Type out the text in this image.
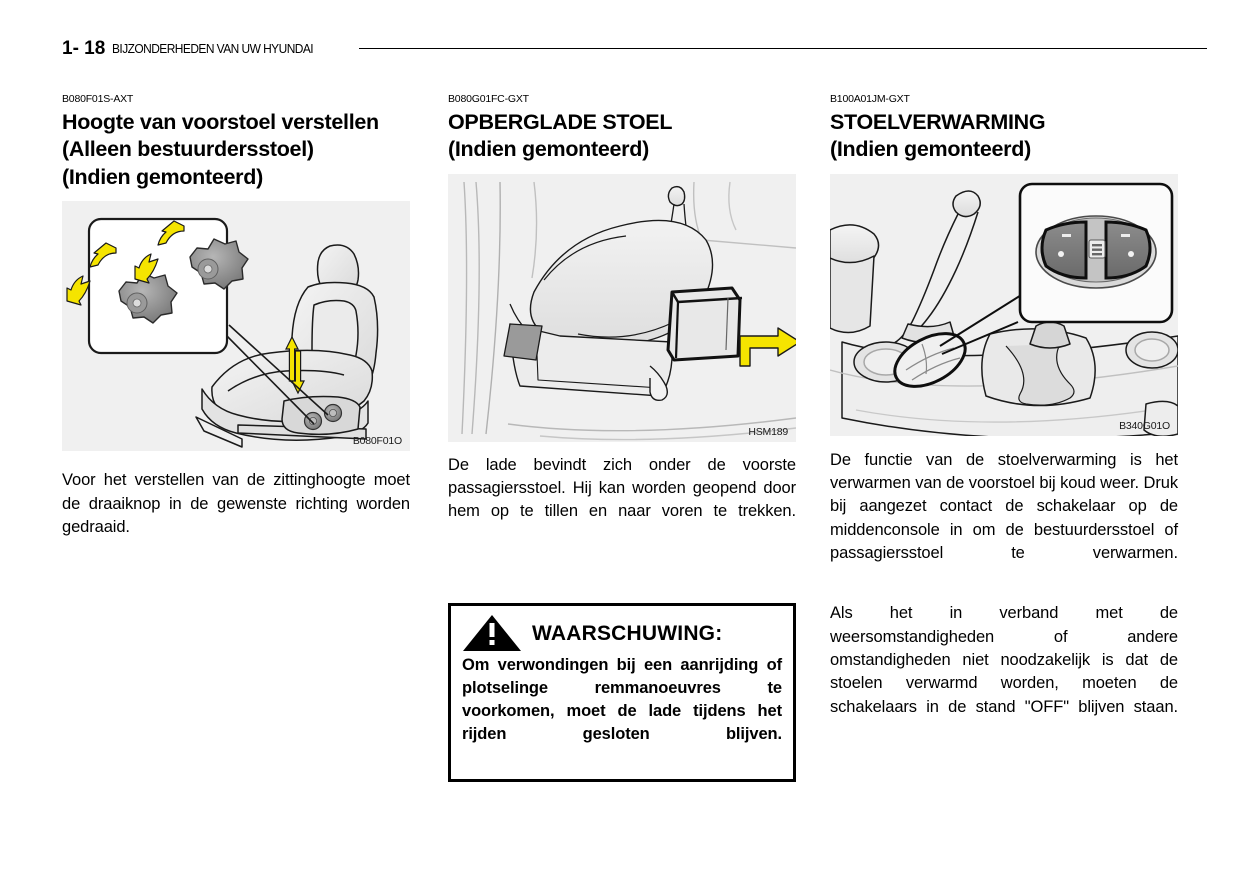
1- 18 BIJZONDERHEDEN VAN UW HYUNDAI

B080F01S-AXT

Hoogte van voorstoel verstellen
(Alleen bestuurdersstoel)
(Indien gemonteerd)
B080F01O

Voor het verstellen van de zittinghoogte moet de draaiknop in de gewenste richting worden gedraaid.

B080G01FC-GXT

OPBERGLADE STOEL
(Indien gemonteerd)
HSM189

De lade bevindt zich onder de voorste passagiersstoel. Hij kan worden geopend door hem op te tillen en naar voren te trekken.

WAARSCHUWING:

Om verwondingen bij een aanrijding of plotselinge remmanoeuvres te voorkomen, moet de lade tijdens het rijden gesloten blijven.

B100A01JM-GXT

STOELVERWARMING
(Indien gemonteerd)
B340G01O

De functie van de stoelverwarming is het verwarmen van de voorstoel bij koud weer. Druk bij aangezet contact de schakelaar op de middenconsole in om de bestuurdersstoel of passagiersstoel te verwarmen.

Als het in verband met de weersomstandigheden of andere omstandigheden niet noodzakelijk is dat de stoelen verwarmd worden, moeten de schakelaars in de stand "OFF" blijven staan.
